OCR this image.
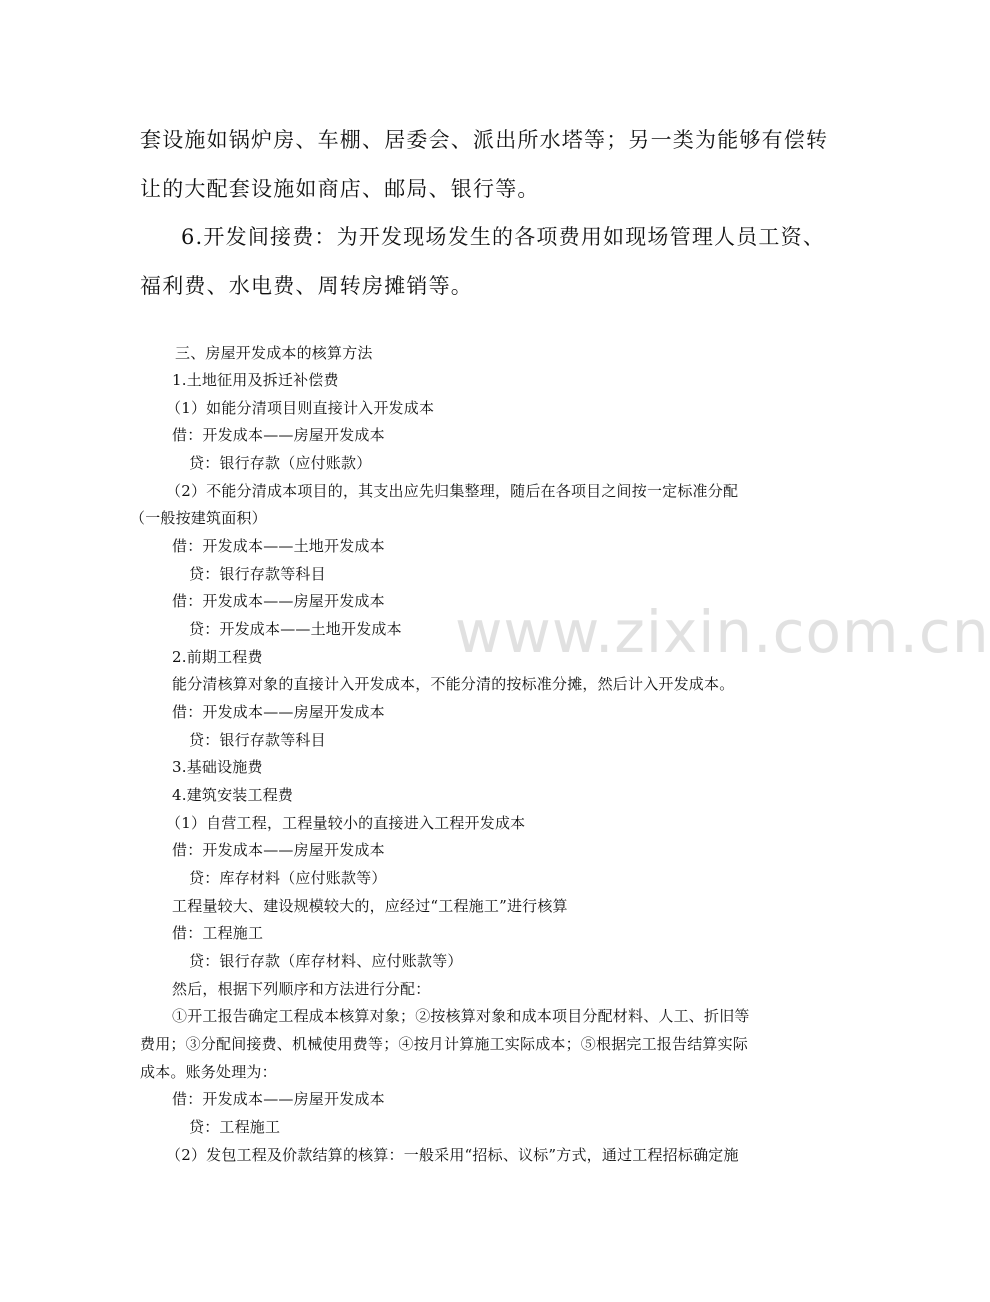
套设施如锅炉房、车棚、居委会、派出所水塔等；另一类为能够有偿转

让的大配套设施如商店、邮局、银行等。

6.开发间接费：为开发现场发生的各项费用如现场管理人员工资、

福利费、水电费、周转房摊销等。

三、房屋开发成本的核算方法

1.土地征用及拆迁补偿费

（1）如能分清项目则直接计入开发成本

借：开发成本——房屋开发成本

贷：银行存款（应付账款）

（2）不能分清成本项目的，其支出应先归集整理，随后在各项目之间按一定标准分配

（一般按建筑面积）

借：开发成本——土地开发成本

贷：银行存款等科目

借：开发成本——房屋开发成本

贷：开发成本——土地开发成本

2.前期工程费

能分清核算对象的直接计入开发成本，不能分清的按标准分摊，然后计入开发成本。

借：开发成本——房屋开发成本

贷：银行存款等科目

3.基础设施费

4.建筑安装工程费

（1）自营工程，工程量较小的直接进入工程开发成本

借：开发成本——房屋开发成本

贷：库存材料（应付账款等）

工程量较大、建设规模较大的，应经过“工程施工”进行核算

借：工程施工

贷：银行存款（库存材料、应付账款等）

然后，根据下列顺序和方法进行分配：

①开工报告确定工程成本核算对象；②按核算对象和成本项目分配材料、人工、折旧等

费用；③分配间接费、机械使用费等；④按月计算施工实际成本；⑤根据完工报告结算实际

成本。账务处理为：

借：开发成本——房屋开发成本

贷：工程施工

（2）发包工程及价款结算的核算：一般采用“招标、议标”方式，通过工程招标确定施

www.zixin.com.cn
